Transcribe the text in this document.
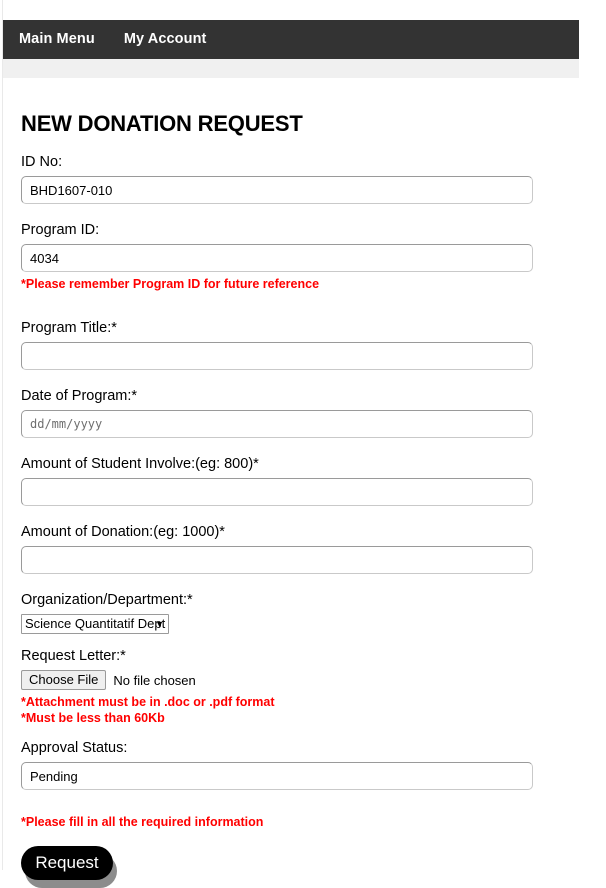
Main Menu	My Account
NEW DONATION REQUEST
ID No:
BHD1607-010
Program ID:
4034
*Please remember Program ID for future reference
Program Title:*
Date of Program:*
dd/mm/yyyy
Amount of Student Involve:(eg: 800)*
Amount of Donation:(eg: 1000)*
Organization/Department:*
Science Quantitatif Dept
▼
Request Letter:*
Choose File	No file chosen
*Attachment must be in .doc or .pdf format
*Must be less than 60Kb
Approval Status:
Pending
*Please fill in all the required information
Request
